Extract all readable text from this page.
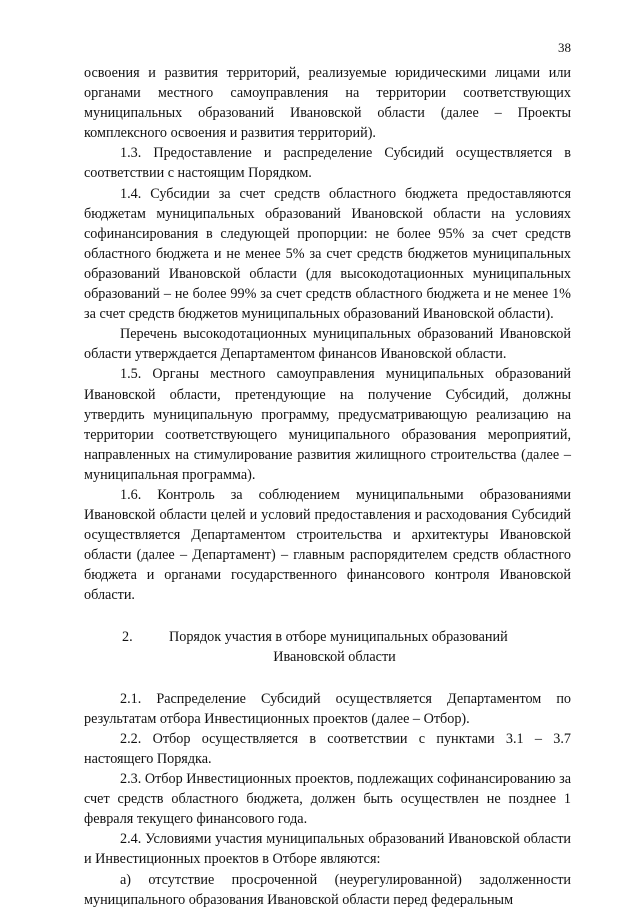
38

освоения и развития территорий, реализуемые юридическими лицами или органами местного самоуправления на территории соответствующих муниципальных образований Ивановской области (далее – Проекты комплексного освоения и развития территорий).

1.3. Предоставление и распределение Субсидий осуществляется в соответствии с настоящим Порядком.

1.4. Субсидии за счет средств областного бюджета предоставляются бюджетам муниципальных образований Ивановской области на условиях софинансирования в следующей пропорции: не более 95% за счет средств областного бюджета и не менее 5% за счет средств бюджетов муниципальных образований Ивановской области (для высокодотационных муниципальных образований – не более 99% за счет средств областного бюджета и не менее 1% за счет средств бюджетов муниципальных образований Ивановской области).

Перечень высокодотационных муниципальных образований Ивановской области утверждается Департаментом финансов Ивановской области.

1.5. Органы местного самоуправления муниципальных образований Ивановской области, претендующие на получение Субсидий, должны утвердить муниципальную программу, предусматривающую реализацию на территории соответствующего муниципального образования мероприятий, направленных на стимулирование развития жилищного строительства (далее – муниципальная программа).

1.6. Контроль за соблюдением муниципальными образованиями Ивановской области целей и условий предоставления и расходования Субсидий осуществляется Департаментом строительства и архитектуры Ивановской области (далее – Департамент) – главным распорядителем средств областного бюджета и органами государственного финансового контроля Ивановской области.

2.	Порядок участия в отборе муниципальных образований
Ивановской области

2.1. Распределение Субсидий осуществляется Департаментом по результатам отбора Инвестиционных проектов (далее – Отбор).

2.2. Отбор осуществляется в соответствии с пунктами 3.1 – 3.7 настоящего Порядка.

2.3. Отбор Инвестиционных проектов, подлежащих софинансированию за счет средств областного бюджета, должен быть осуществлен не позднее 1 февраля текущего финансового года.

2.4. Условиями участия муниципальных образований Ивановской области и Инвестиционных проектов в Отборе являются:

а) отсутствие просроченной (неурегулированной) задолженности муниципального образования Ивановской области перед федеральным
